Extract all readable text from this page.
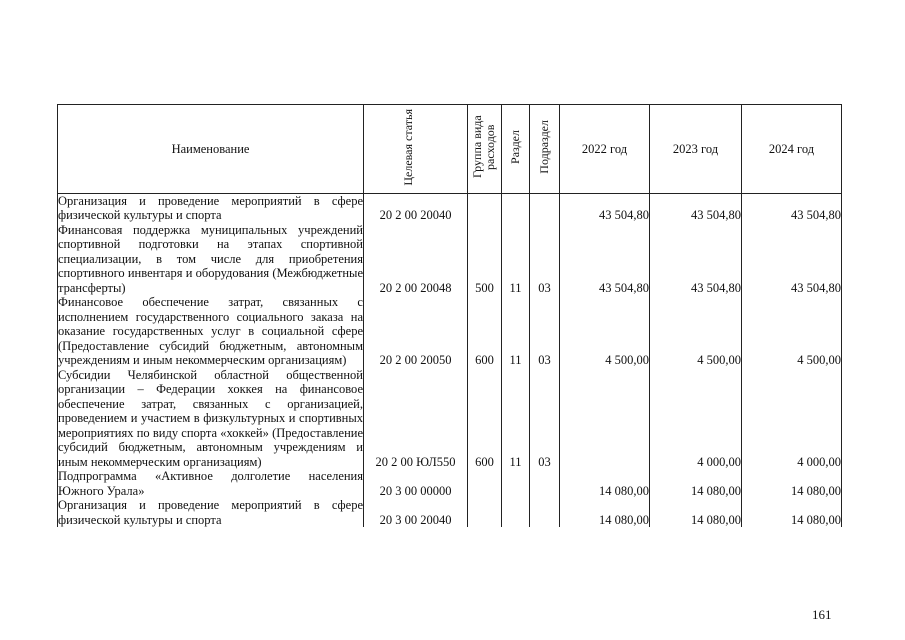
Наименование	Целевая статья	Группа вида расходов	Раздел	Подраздел	2022 год	2023 год	2024 год
Организация и проведение мероприятий в сфере физической культуры и спорта	20 2 00 20040				43 504,80	43 504,80	43 504,80
Финансовая поддержка муниципальных учреждений спортивной подготовки на этапах спортивной специализации, в том числе для приобретения спортивного инвентаря и оборудования (Межбюджетные трансферты)	20 2 00 20048	500	11	03	43 504,80	43 504,80	43 504,80
Финансовое обеспечение затрат, связанных с исполнением государственного социального заказа на оказание государственных услуг в социальной сфере (Предоставление субсидий бюджетным, автономным учреждениям и иным некоммерческим организациям)	20 2 00 20050	600	11	03	4 500,00	4 500,00	4 500,00
Субсидии Челябинской областной общественной организации – Федерации хоккея на финансовое обеспечение затрат, связанных с организацией, проведением и участием в физкультурных и спортивных мероприятиях по виду спорта «хоккей» (Предоставление субсидий бюджетным, автономным учреждениям и иным некоммерческим организациям)	20 2 00 ЮЛ550	600	11	03		4 000,00	4 000,00
Подпрограмма «Активное долголетие населения Южного Урала»	20 3 00 00000				14 080,00	14 080,00	14 080,00
Организация и проведение мероприятий в сфере физической культуры и спорта	20 3 00 20040				14 080,00	14 080,00	14 080,00
161
